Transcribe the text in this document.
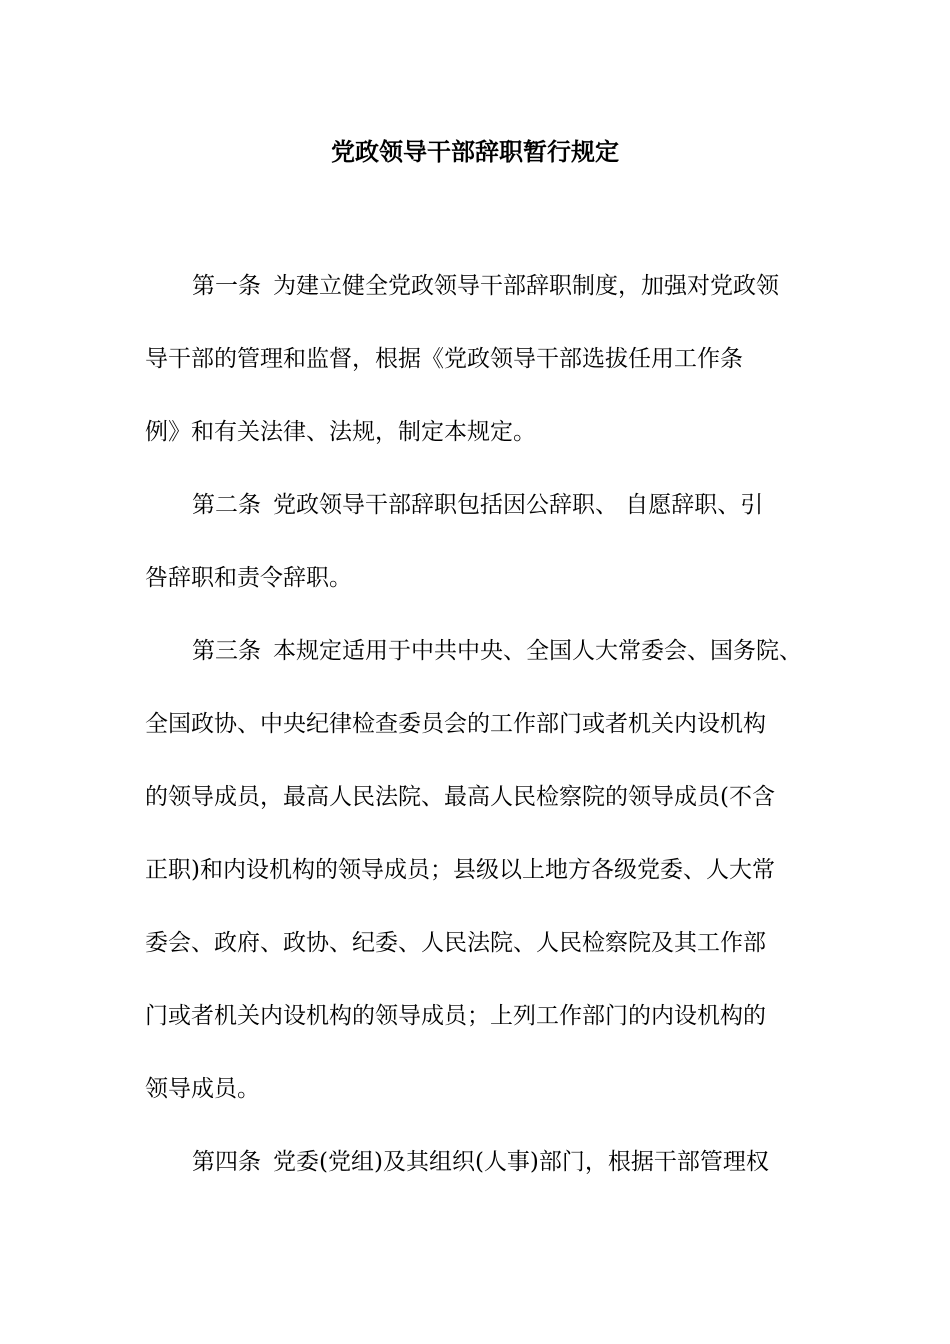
党政领导干部辞职暂行规定
第一条 为建立健全党政领导干部辞职制度，加强对党政领
导干部的管理和监督，根据《党政领导干部选拔任用工作条
例》和有关法律、法规，制定本规定。
第二条 党政领导干部辞职包括因公辞职、 自愿辞职、引
咎辞职和责令辞职。
第三条 本规定适用于中共中央、全国人大常委会、国务院、
全国政协、中央纪律检查委员会的工作部门或者机关内设机构
的领导成员，最高人民法院、最高人民检察院的领导成员(不含
正职)和内设机构的领导成员；县级以上地方各级党委、人大常
委会、政府、政协、纪委、人民法院、人民检察院及其工作部
门或者机关内设机构的领导成员；上列工作部门的内设机构的
领导成员。
第四条 党委(党组)及其组织(人事)部门，根据干部管理权
